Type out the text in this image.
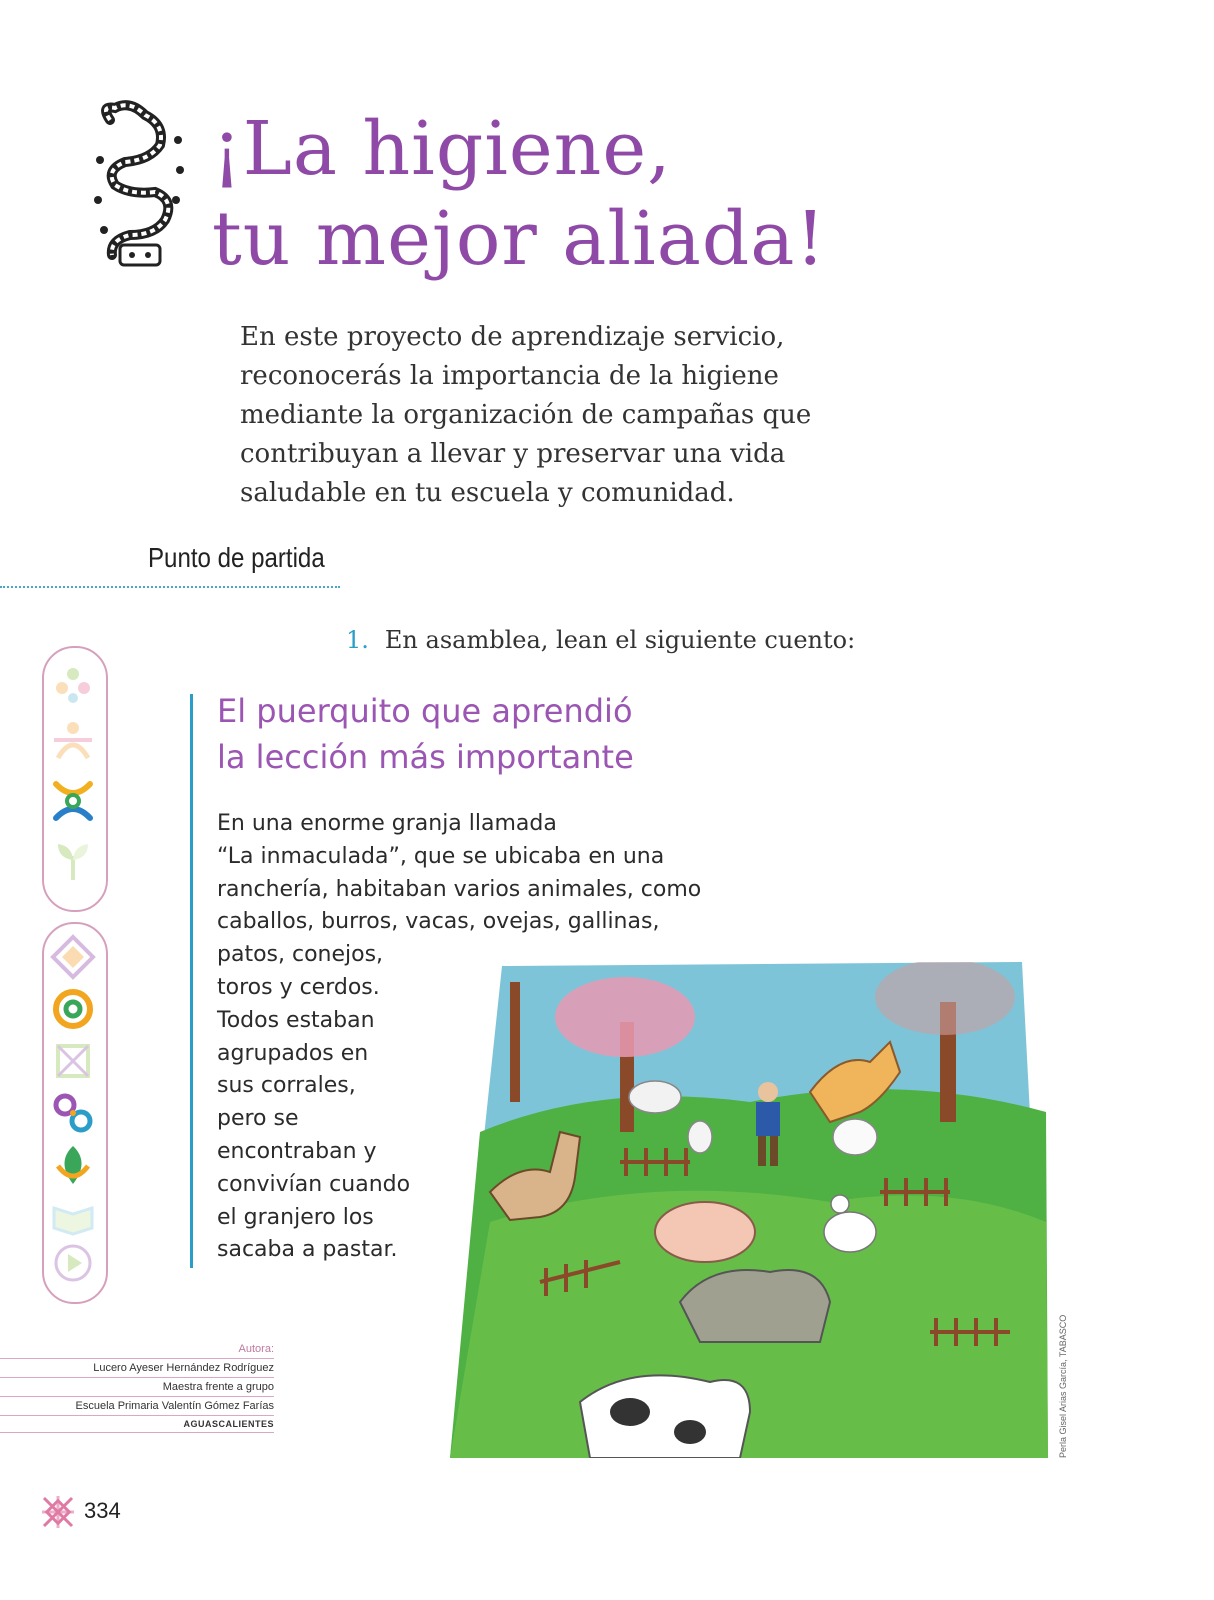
¡La higiene,
tu mejor aliada!

En este proyecto de aprendizaje servicio,
reconocerás la importancia de la higiene
mediante la organización de campañas que
contribuyan a llevar y preservar una vida
saludable en tu escuela y comunidad.

Punto de partida
1. En asamblea, lean el siguiente cuento:
El puerquito que aprendió
la lección más importante

En una enorme granja llamada
“La inmaculada”, que se ubicaba en una
ranchería, habitaban varios animales, como
caballos, burros, vacas, ovejas, gallinas,
patos, conejos,
toros y cerdos.
Todos estaban
agrupados en
sus corrales,
pero se
encontraban y
convivían cuando
el granjero los
sacaba a pastar.

Perla Gisel Arias García, TABASCO
Autora:
Lucero Ayeser Hernández Rodríguez
Maestra frente a grupo
Escuela Primaria Valentín Gómez Farías
AGUASCALIENTES
334
